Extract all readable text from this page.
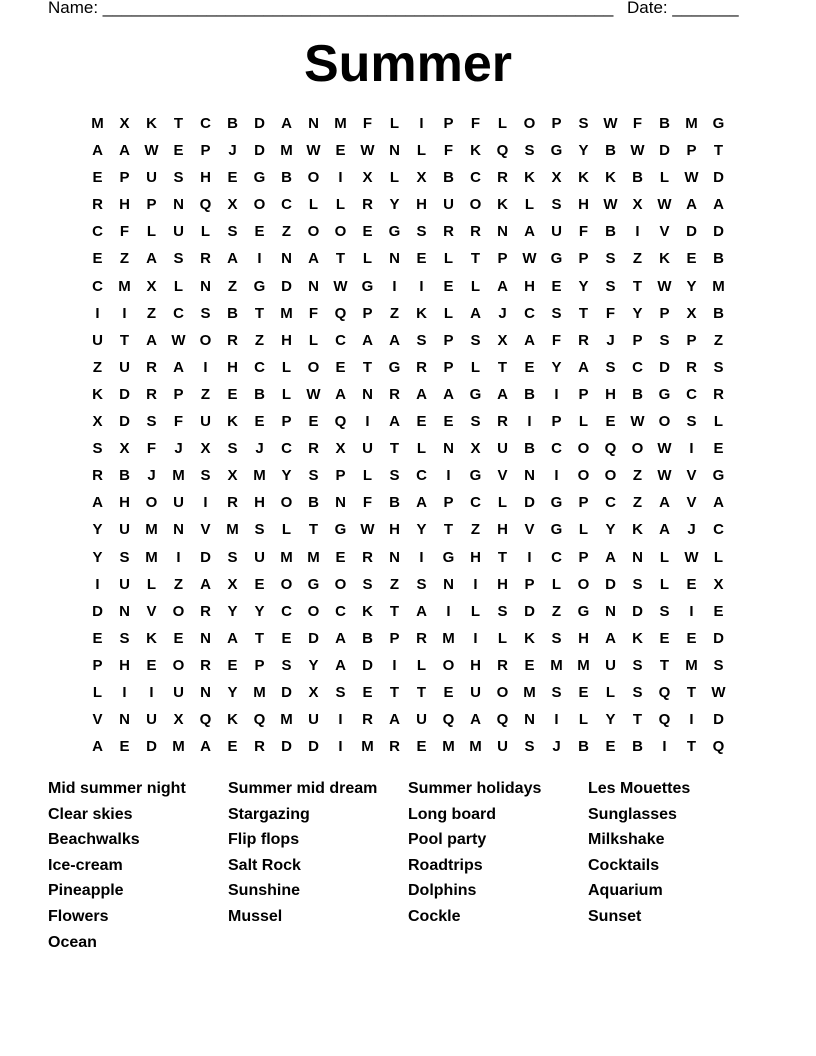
Name: ______________________________________________________ Date: _______
Summer
M	X	K	T	C	B	D	A	N	M	F	L	I	P	F	L	O	P	S W	F	B	M G
A	A W E	P	J	D	M W E W N	L	F	K	Q	S	G	Y	B W D	P	T
E	P	U	S	H	E	G	B	O	I	X	L	X	B	C	R	K	X	K	K	B	L	W D
R	H	P	N	Q	X	O	C	L	L	R	Y	H	U	O	K	L	S	H W X W A	A
C	F	L	U	L	S	E	Z	O	O	E	G	S	R	R	N	A	U	F	B	I	V	D	D
E	Z	A	S	R	A	I	N	A	T	L	N	E	L	T	P W G	P	S	Z	K	E	B
C	M	X	L	N	Z	G	D	N W G	I	I	E	L	A	H	E	Y	S	T	W Y	M
I	I	Z	C	S	B	T	M	F	Q	P	Z	K	L	A	J	C	S	T	F	Y	P	X	B
U	T	A W O	R	Z	H	L	C	A	A	S	P	S	X	A	F	R	J	P	S	P	Z
Z	U	R	A	I	H	C	L	O	E	T	G	R	P	L	T	E	Y	A	S	C	D	R	S
K	D	R	P	Z	E	B	L	W A	N	R	A	A	G	A	B	I	P	H	B	G	C	R
X	D	S	F	U	K	E	P	E	Q	I	A	E	E	S	R	I	P	L	E W O	S	L
S	X	F	J	X	S	J	C	R	X	U	T	L	N	X	U	B	C	O	Q	O W	I	E
R	B	J	M	S	X	M	Y	S	P	L	S	C	I	G	V	N	I	O	O	Z	W V	G
A	H	O	U	I	R	H	O	B	N	F	B	A	P	C	L	D	G	P	C	Z	A	V	A
Y	U	M	N	V	M	S	L	T	G W H	Y	T	Z	H	V	G	L	Y	K	A	J	C
Y	S	M	I	D	S	U	M M	E	R	N	I	G	H	T	I	C	P	A	N	L	W	L
I	U	L	Z	A	X	E	O	G	O	S	Z	S	N	I	H	P	L	O	D	S	L	E	X
D	N	V	O	R	Y	Y	C	O	C	K	T	A	I	L	S	D	Z	G	N	D	S	I	E
E	S	K	E	N	A	T	E	D	A	B	P	R	M	I	L	K	S	H	A	K	E	E	D
P	H	E	O	R	E	P	S	Y	A	D	I	L	O	H	R	E	M M	U	S	T	M	S
L	I	I	U	N	Y	M	D	X	S	E	T	T	E	U	O M	S	E	L	S	Q	T	W
V	N	U	X	Q	K	Q M	U	I	R	A	U	Q	A	Q	N	I	L	Y	T	Q	I	D
A	E	D	M	A	E	R	D	D	I	M	R	E	M M	U	S	J	B	E	B	I	T	Q
Mid summer night	Summer mid dream	Summer holidays	Les Mouettes
Clear skies	Stargazing	Long board	Sunglasses
Beachwalks	Flip flops	Pool party	Milkshake
Ice-cream	Salt Rock	Roadtrips	Cocktails
Pineapple	Sunshine	Dolphins	Aquarium
Flowers	Mussel	Cockle	Sunset
Ocean
